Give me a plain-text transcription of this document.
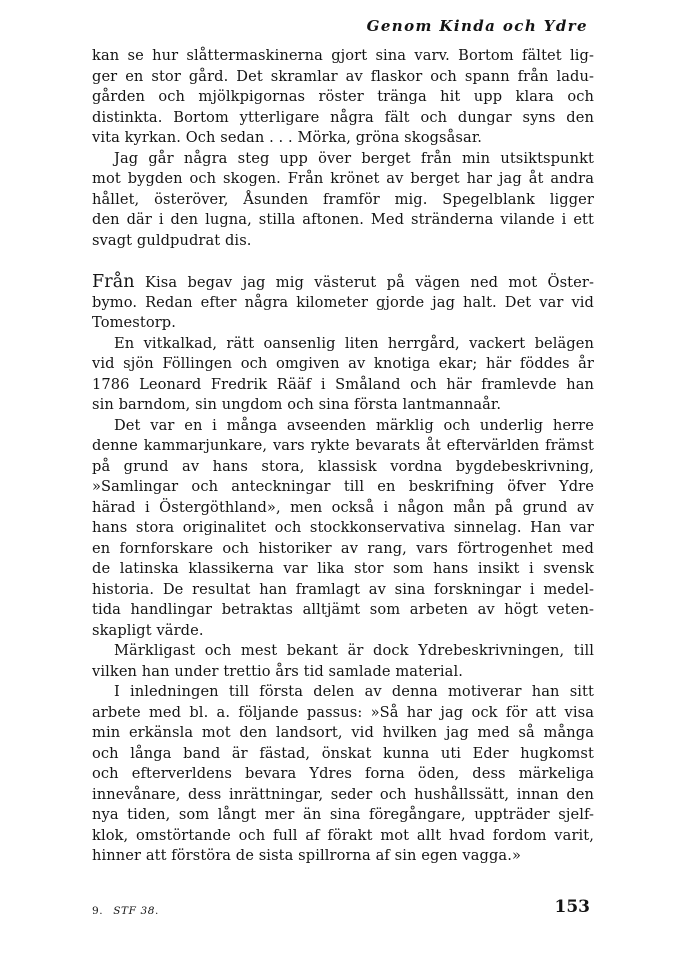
Genom Kinda och Ydre
kan se hur slåttermaskinerna gjort sina varv. Bortom fältet lig-
ger en stor gård. Det skramlar av flaskor och spann från ladu-
gården och mjölkpigornas röster tränga hit upp klara och
distinkta. Bortom ytterligare några fält och dungar syns den
vita kyrkan. Och sedan . . . Mörka, gröna skogsåsar.
Jag går några steg upp över berget från min utsiktspunkt
mot bygden och skogen. Från krönet av berget har jag åt andra
hållet, österöver, Åsunden framför mig. Spegelblank ligger
den där i den lugna, stilla aftonen. Med stränderna vilande i ett
svagt guldpudrat dis.
Från Kisa begav jag mig västerut på vägen ned mot Öster-
bymo. Redan efter några kilometer gjorde jag halt. Det var vid
Tomestorp.
En vitkalkad, rätt oansenlig liten herrgård, vackert belägen
vid sjön Föllingen och omgiven av knotiga ekar; här föddes år
1786 Leonard Fredrik Rääf i Småland och här framlevde han
sin barndom, sin ungdom och sina första lantmannaår.
Det var en i många avseenden märklig och underlig herre
denne kammarjunkare, vars rykte bevarats åt eftervärlden främst
på grund av hans stora, klassisk vordna bygdebeskrivning,
»Samlingar och anteckningar till en beskrifning öfver Ydre
härad i Östergöthland», men också i någon mån på grund av
hans stora originalitet och stockkonservativa sinnelag. Han var
en fornforskare och historiker av rang, vars förtrogenhet med
de latinska klassikerna var lika stor som hans insikt i svensk
historia. De resultat han framlagt av sina forskningar i medel-
tida handlingar betraktas alltjämt som arbeten av högt veten-
skapligt värde.
Märkligast och mest bekant är dock Ydrebeskrivningen, till
vilken han under trettio års tid samlade material.
I inledningen till första delen av denna motiverar han sitt
arbete med bl. a. följande passus: »Så har jag ock för att visa
min erkänsla mot den landsort, vid hvilken jag med så många
och långa band är fästad, önskat kunna uti Eder hugkomst
och efterverldens bevara Ydres forna öden, dess märkeliga
innevånare, dess inrättningar, seder och hushållssätt, innan den
nya tiden, som långt mer än sina föregångare, uppträder sjelf-
klok, omstörtande och full af förakt mot allt hvad fordom varit,
hinner att förstöra de sista spillrorna af sin egen vagga.»
9. STF 38.	153
